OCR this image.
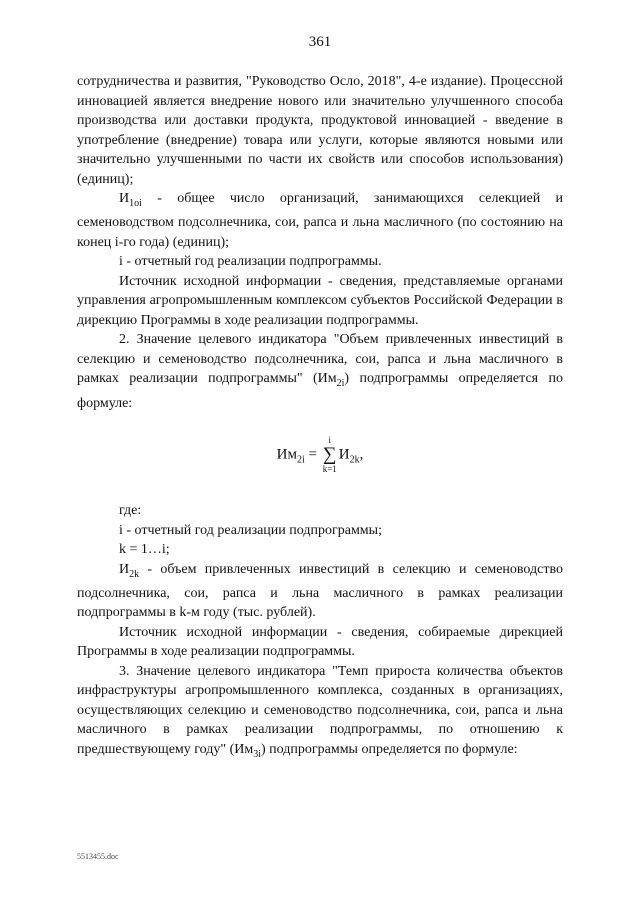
361

сотрудничества и развития, "Руководство Осло, 2018", 4-е издание). Процессной инновацией является внедрение нового или значительно улучшенного способа производства или доставки продукта, продуктовой инновацией - введение в употребление (внедрение) товара или услуги, которые являются новыми или значительно улучшенными по части их свойств или способов использования) (единиц);

$И_{1oi}$ - общее число организаций, занимающихся селекцией и семеноводством подсолнечника, сои, рапса и льна масличного (по состоянию на конец i-го года) (единиц);

i - отчетный год реализации подпрограммы.

Источник исходной информации - сведения, представляемые органами управления агропромышленным комплексом субъектов Российской Федерации в дирекцию Программы в ходе реализации подпрограммы.

2. Значение целевого индикатора "Объем привлеченных инвестиций в селекцию и семеноводство подсолнечника, сои, рапса и льна масличного в рамках реализации подпрограммы" $(Им_{2i})$ подпрограммы определяется по формуле:

$Им_{2i}$ =
i
∑
k=1
$И_{2k}$,

где:

i - отчетный год реализации подпрограммы;

k = 1…i;

$И_{2k}$ - объем привлеченных инвестиций в селекцию и семеноводство подсолнечника, сои, рапса и льна масличного в рамках реализации подпрограммы в k-м году (тыс. рублей).

Источник исходной информации - сведения, собираемые дирекцией Программы в ходе реализации подпрограммы.

3. Значение целевого индикатора "Темп прироста количества объектов инфраструктуры агропромышленного комплекса, созданных в организациях, осуществляющих селекцию и семеноводство подсолнечника, сои, рапса и льна масличного в рамках реализации подпрограммы, по отношению к предшествующему году" $(Им_{3i})$ подпрограммы определяется по формуле:

5513455.doc
